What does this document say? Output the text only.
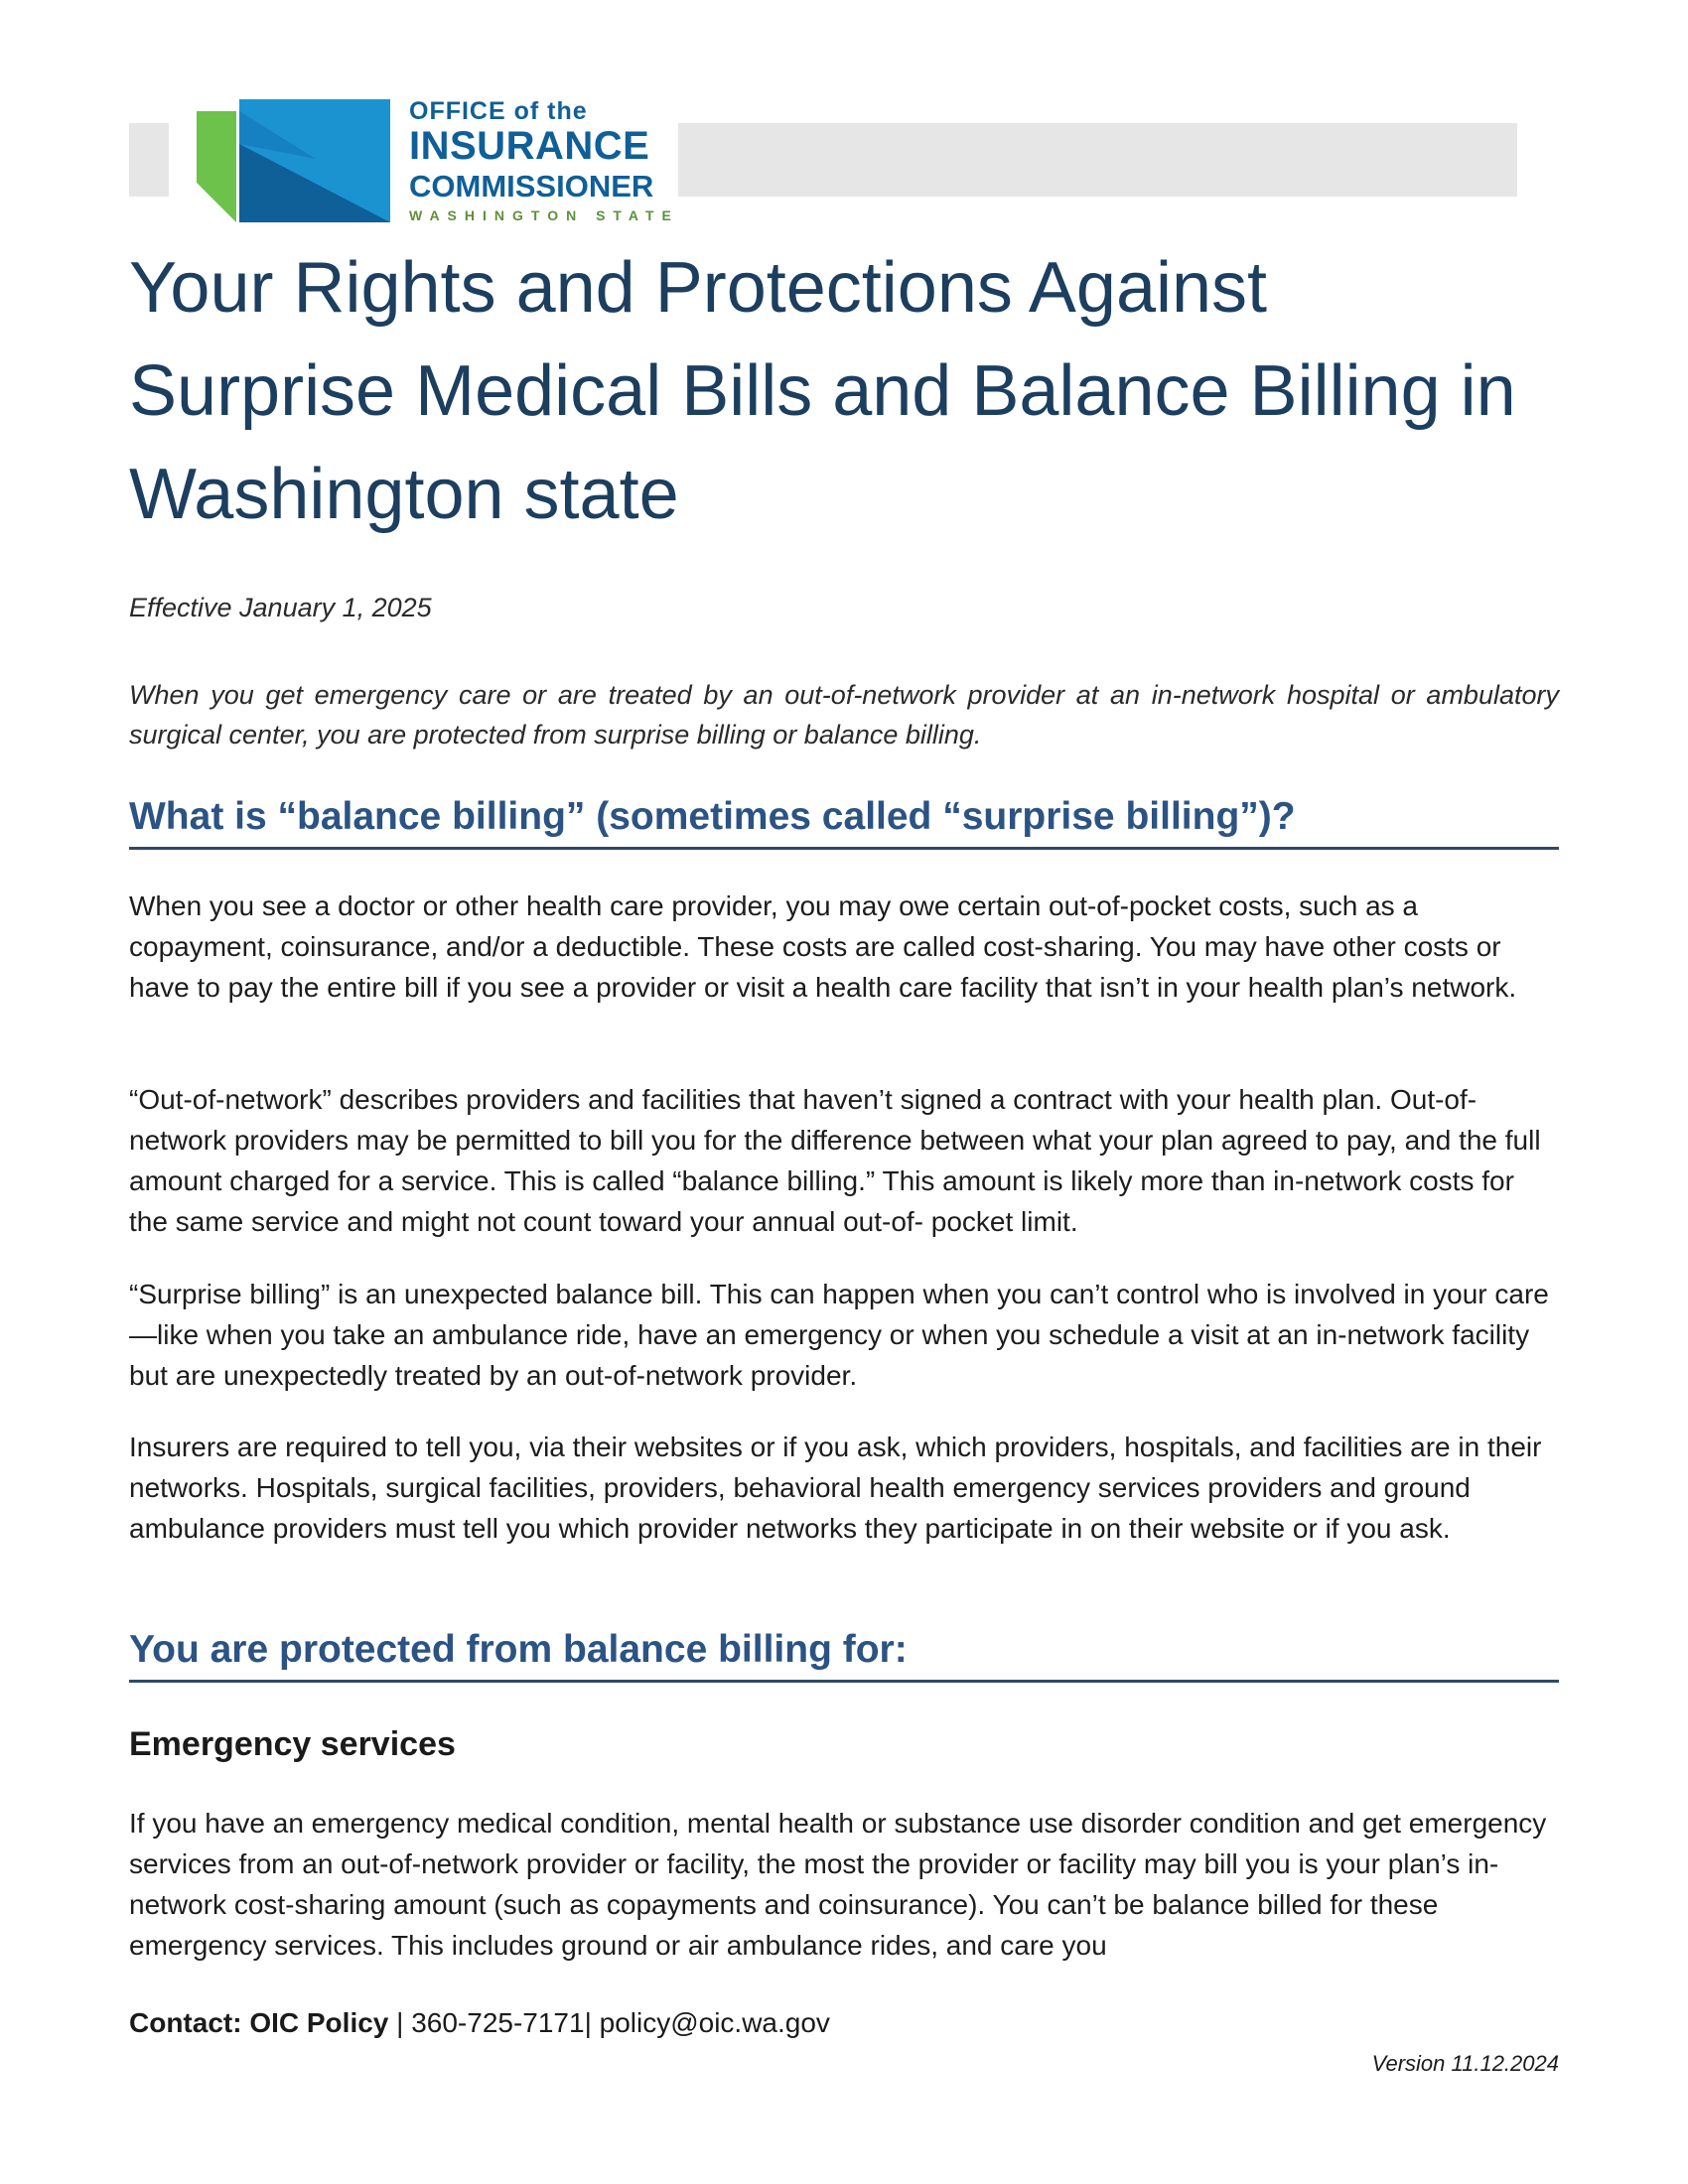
OFFICE of the
INSURANCE
COMMISSIONER
WASHINGTON STATE
Your Rights and Protections Against Surprise Medical Bills and Balance Billing in Washington state
Effective January 1, 2025
When you get emergency care or are treated by an out-of-network provider at an in-network hospital or ambulatory surgical center, you are protected from surprise billing or balance billing.
What is “balance billing” (sometimes called “surprise billing”)?

When you see a doctor or other health care provider, you may owe certain out-of-pocket costs, such as a copayment, coinsurance, and/or a deductible. These costs are called cost-sharing. You may have other costs or have to pay the entire bill if you see a provider or visit a health care facility that isn’t in your health plan’s network.

“Out-of-network” describes providers and facilities that haven’t signed a contract with your health plan. Out-of-network providers may be permitted to bill you for the difference between what your plan agreed to pay, and the full amount charged for a service. This is called “balance billing.” This amount is likely more than in-network costs for the same service and might not count toward your annual out-of- pocket limit.

“Surprise billing” is an unexpected balance bill. This can happen when you can’t control who is involved in your care—like when you take an ambulance ride, have an emergency or when you schedule a visit at an in-network facility but are unexpectedly treated by an out-of-network provider.

Insurers are required to tell you, via their websites or if you ask, which providers, hospitals, and facilities are in their networks. Hospitals, surgical facilities, providers, behavioral health emergency services providers and ground ambulance providers must tell you which provider networks they participate in on their website or if you ask.

You are protected from balance billing for:
Emergency services

If you have an emergency medical condition, mental health or substance use disorder condition and get emergency services from an out-of-network provider or facility, the most the provider or facility may bill you is your plan’s in-network cost-sharing amount (such as copayments and coinsurance). You can’t be balance billed for these emergency services. This includes ground or air ambulance rides, and care you

Contact: OIC Policy | 360-725-7171| policy@oic.wa.gov
Version 11.12.2024
